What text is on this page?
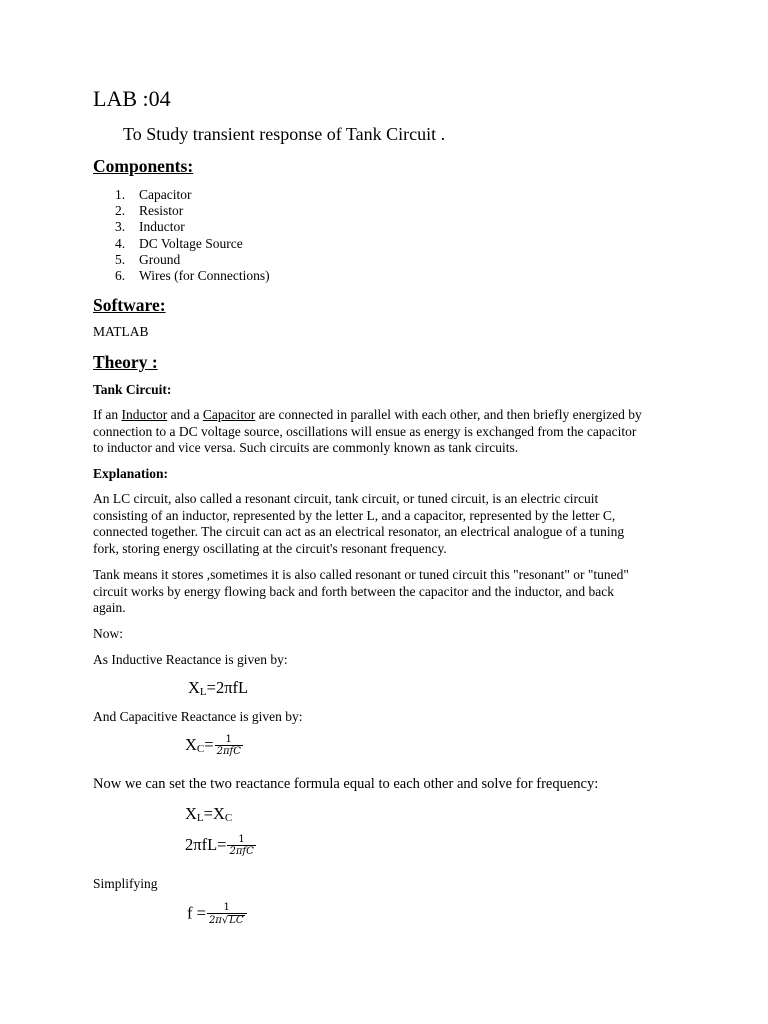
LAB :04
To Study transient response of Tank Circuit .
Components:
1.	Capacitor
2.	Resistor
3.	Inductor
4.	DC Voltage Source
5.	Ground
6.	Wires (for Connections)
Software:
MATLAB
Theory :
Tank Circuit:
If an Inductor and a Capacitor are connected in parallel with each other, and then briefly energized by
connection to a DC voltage source, oscillations will ensue as energy is exchanged from the capacitor
to inductor and vice versa. Such circuits are commonly known as tank circuits.
Explanation:
An LC circuit, also called a resonant circuit, tank circuit, or tuned circuit, is an electric circuit
consisting of an inductor, represented by the letter L, and a capacitor, represented by the letter C,
connected together. The circuit can act as an electrical resonator, an electrical analogue of a tuning
fork, storing energy oscillating at the circuit's resonant frequency.
Tank means it stores ,sometimes it is also called resonant or tuned circuit this "resonant" or "tuned"
circuit works by energy flowing back and forth between the capacitor and the inductor, and back
again.
Now:
As Inductive Reactance is given by:
$X_L=2\pi fL$
And Capacitive Reactance is given by:
$X_C= \frac{1}{\text{2πfC}}$
Now we can set the two reactance formula equal to each other and solve for frequency:
$X_L=X_C$
$2\pi fL= \frac{1}{\text{2πfC}}$
Simplifying
$f = \frac{1}{2\pi√LC}$
